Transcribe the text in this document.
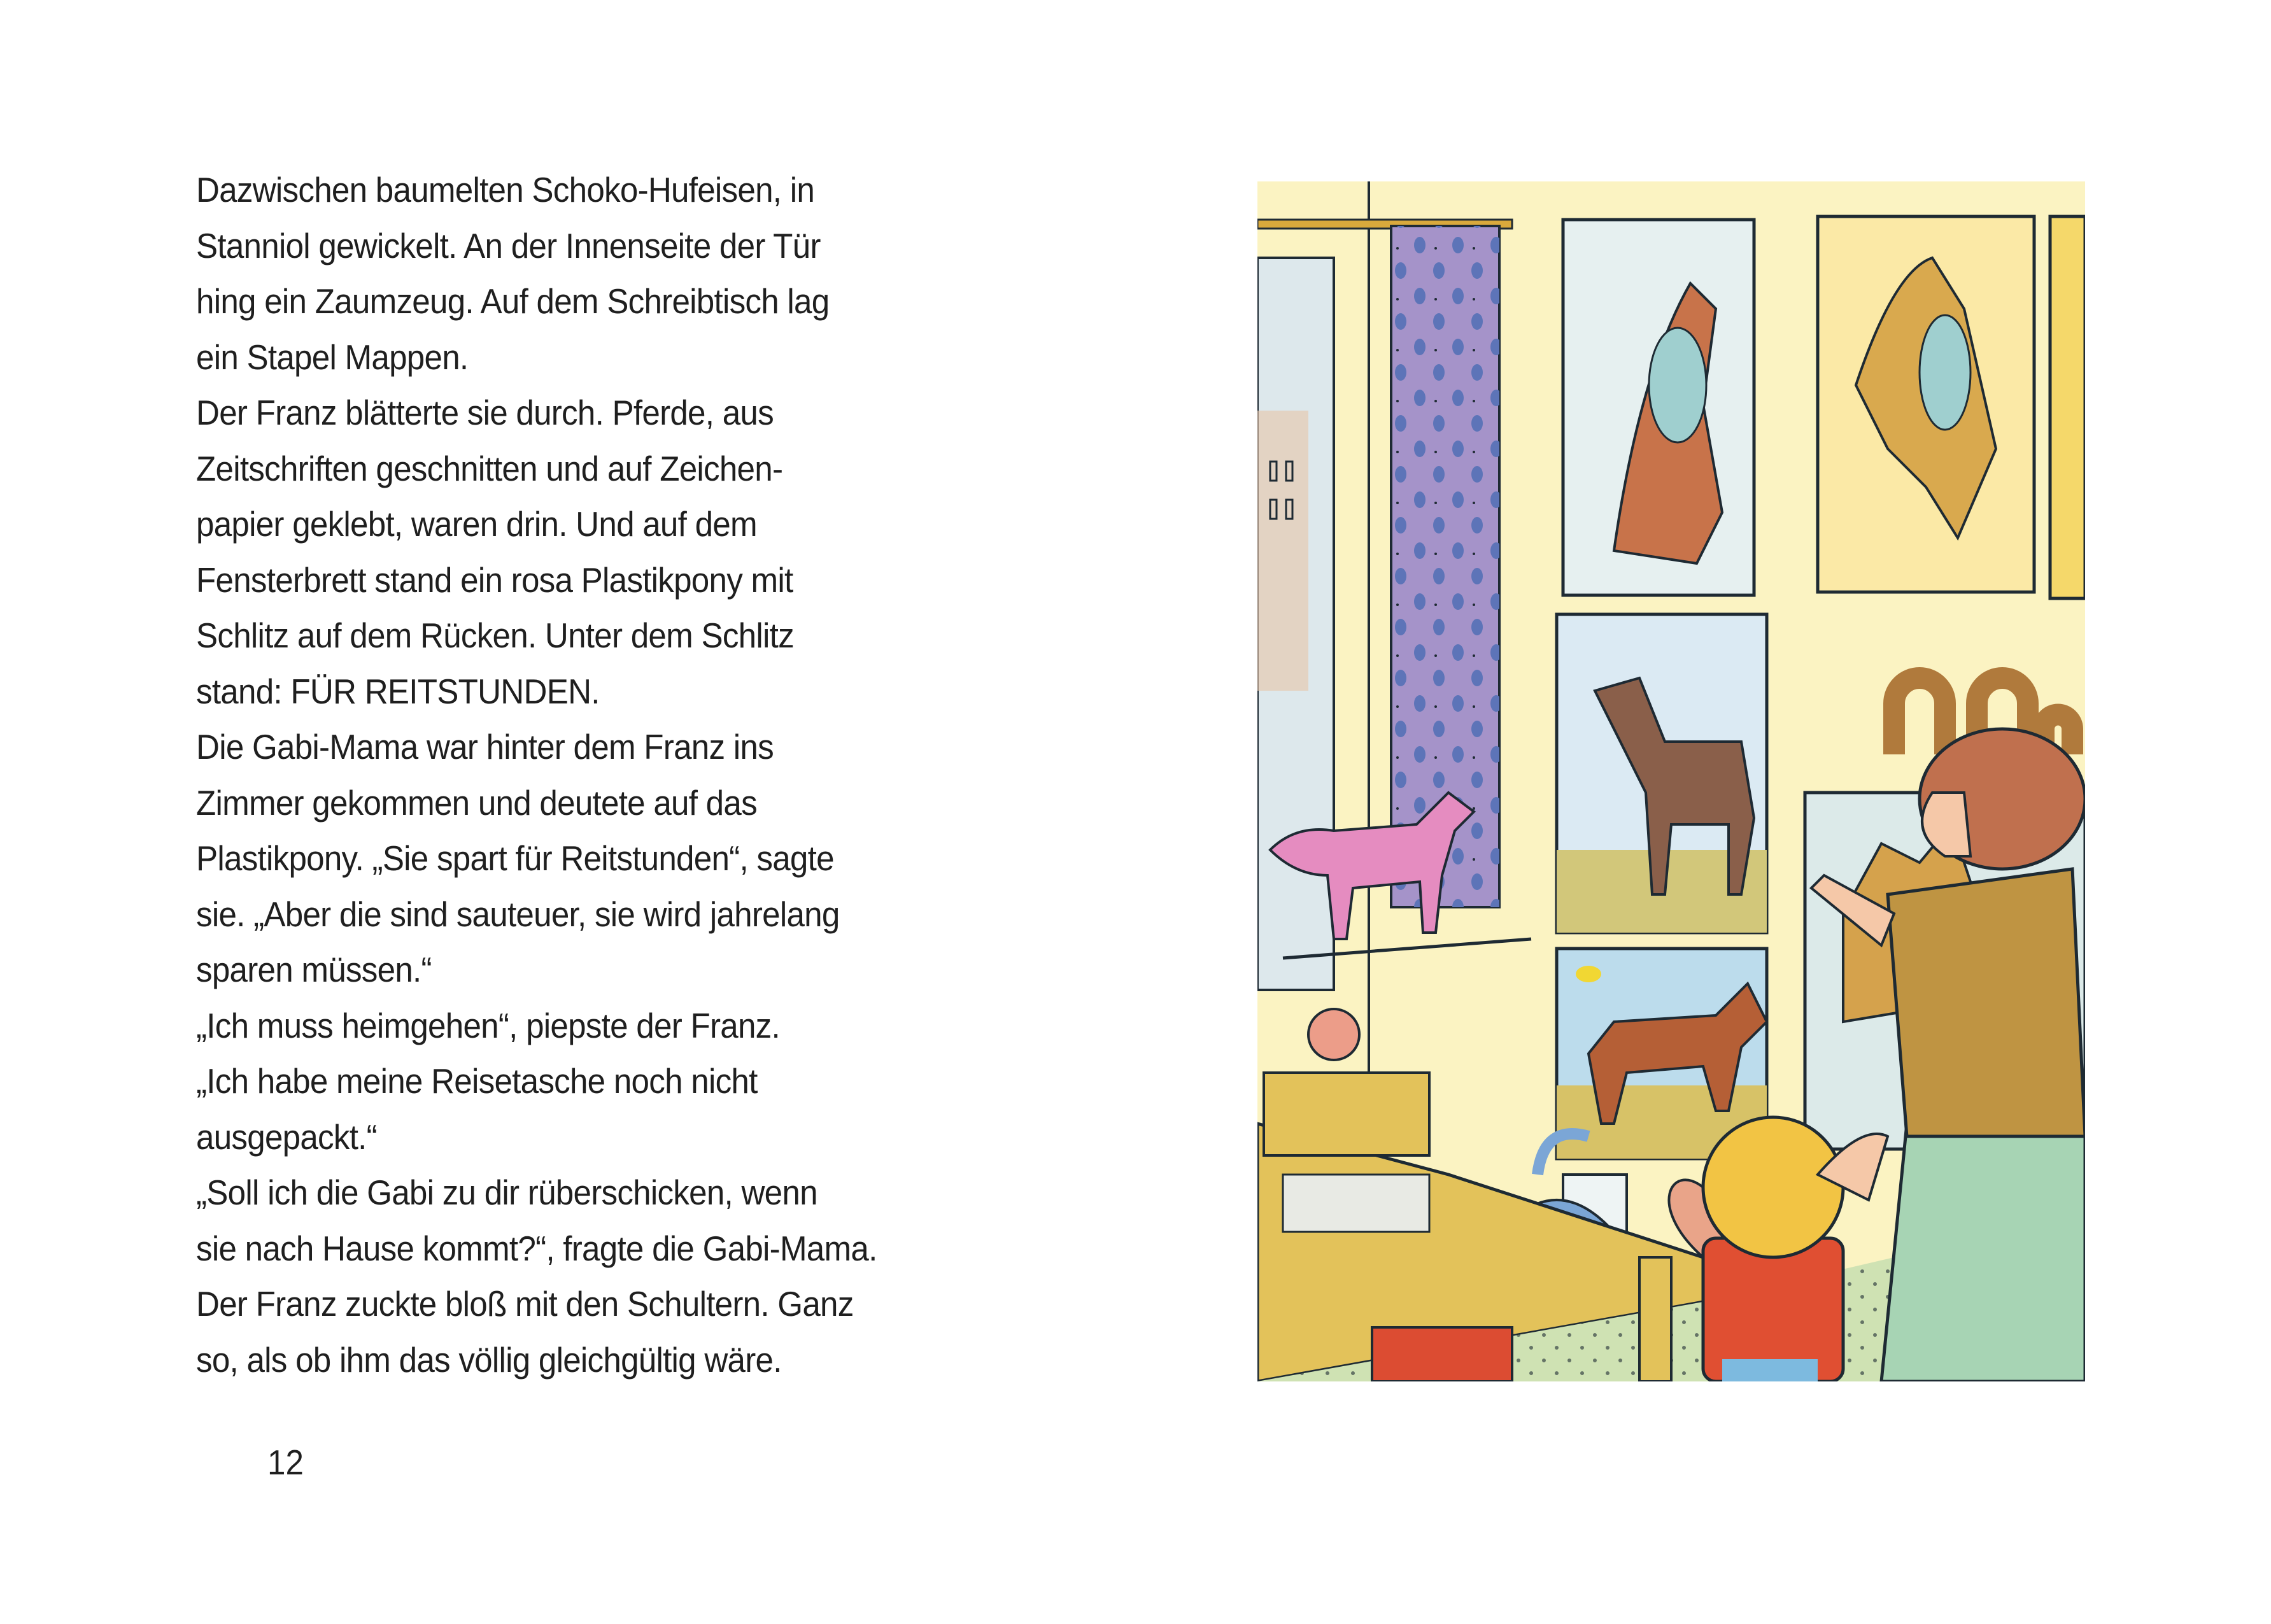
Dazwischen baumelten Schoko-Hufeisen, in
Stanniol gewickelt. An der Innenseite der Tür
hing ein Zaumzeug. Auf dem Schreibtisch lag
ein Stapel Mappen.
Der Franz blätterte sie durch. Pferde, aus
Zeitschriften geschnitten und auf Zeichen-
papier geklebt, waren drin. Und auf dem
Fensterbrett stand ein rosa Plastikpony mit
Schlitz auf dem Rücken. Unter dem Schlitz
stand: FÜR REITSTUNDEN.
Die Gabi-Mama war hinter dem Franz ins
Zimmer gekommen und deutete auf das
Plastikpony. „Sie spart für Reitstunden“, sagte
sie. „Aber die sind sauteuer, sie wird jahrelang
sparen müssen.“
„Ich muss heimgehen“, piepste der Franz.
„Ich habe meine Reisetasche noch nicht
ausgepackt.“
„Soll ich die Gabi zu dir rüberschicken, wenn
sie nach Hause kommt?“, fragte die Gabi-Mama.
Der Franz zuckte bloß mit den Schultern. Ganz
so, als ob ihm das völlig gleichgültig wäre.
12
